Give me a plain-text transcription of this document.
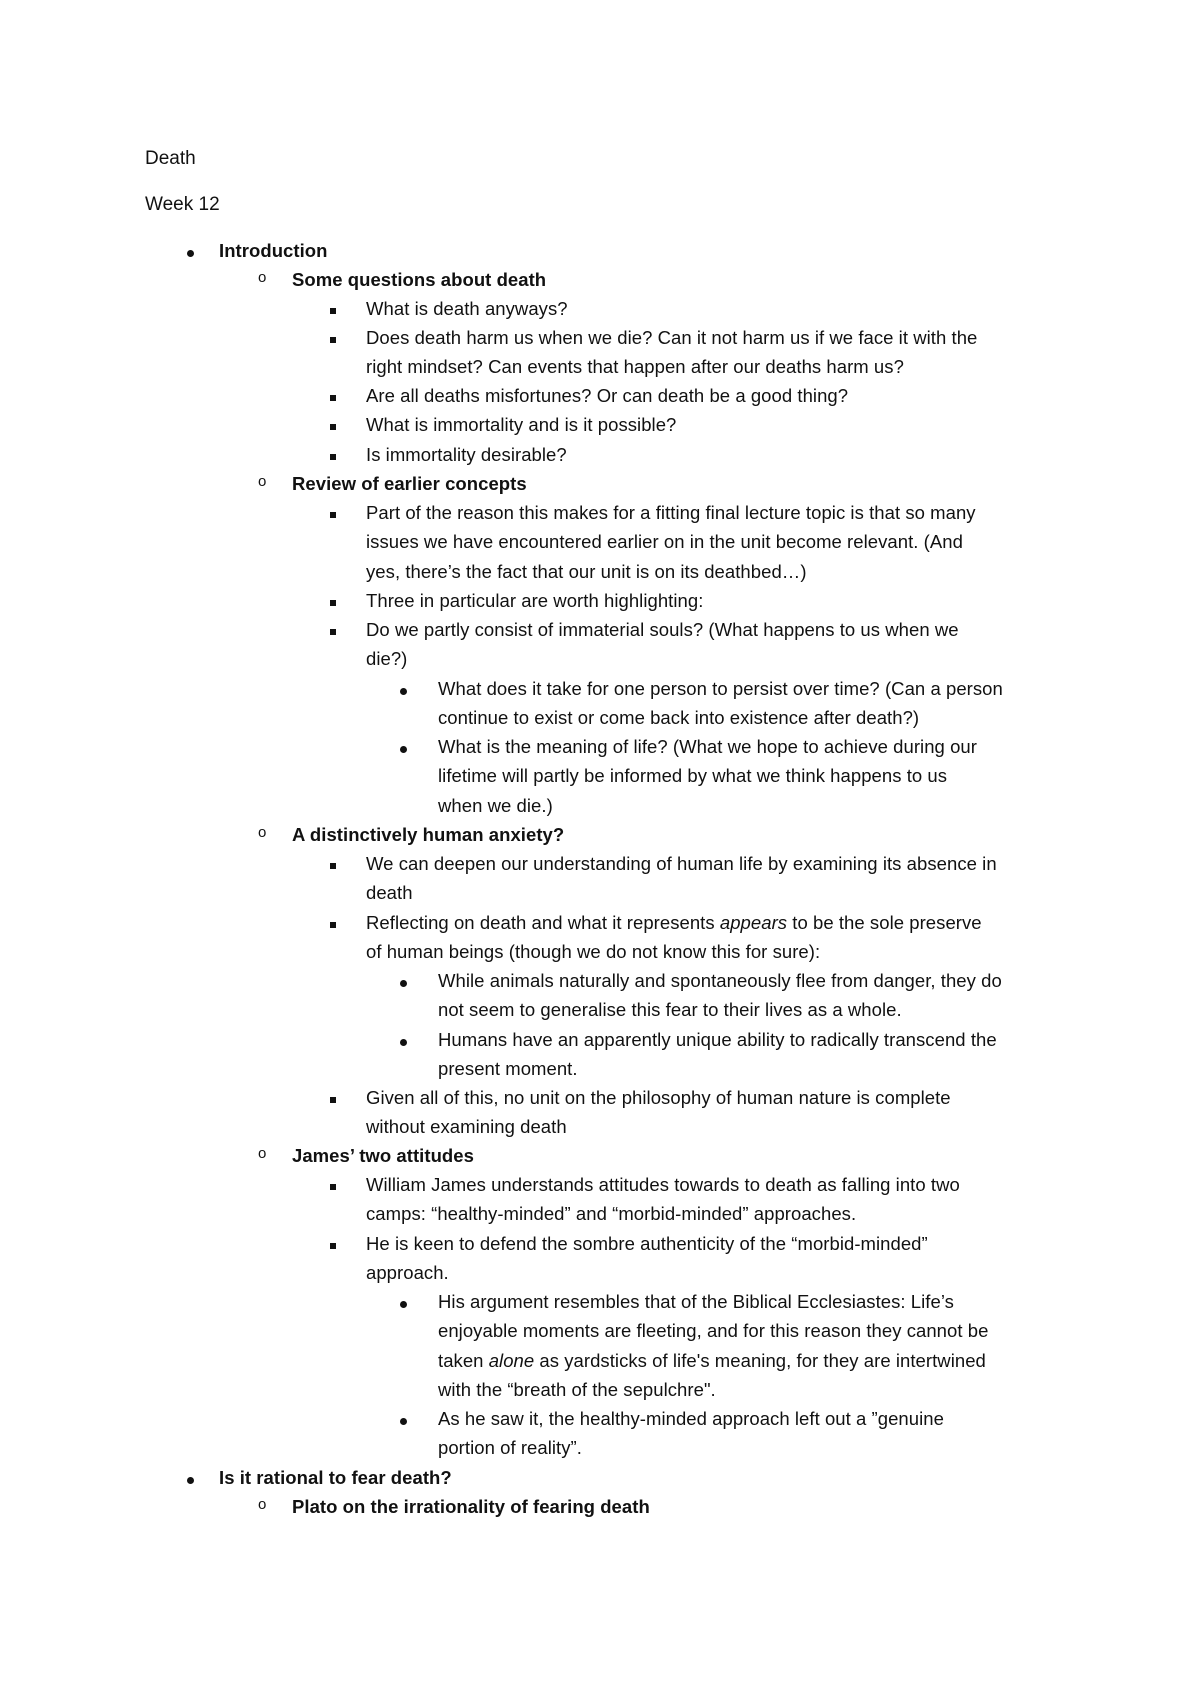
Death
Week 12
Introduction
o Some questions about death
What is death anyways?
Does death harm us when we die? Can it not harm us if we face it with the
right mindset? Can events that happen after our deaths harm us?
Are all deaths misfortunes? Or can death be a good thing?
What is immortality and is it possible?
Is immortality desirable?
o Review of earlier concepts
Part of the reason this makes for a fitting final lecture topic is that so many
issues we have encountered earlier on in the unit become relevant. (And
yes, there’s the fact that our unit is on its deathbed…)
Three in particular are worth highlighting:
Do we partly consist of immaterial souls? (What happens to us when we
die?)
What does it take for one person to persist over time? (Can a person
continue to exist or come back into existence after death?)
What is the meaning of life? (What we hope to achieve during our
lifetime will partly be informed by what we think happens to us
when we die.)
o A distinctively human anxiety?
We can deepen our understanding of human life by examining its absence in
death
Reflecting on death and what it represents appears to be the sole preserve
of human beings (though we do not know this for sure):
While animals naturally and spontaneously flee from danger, they do
not seem to generalise this fear to their lives as a whole.
Humans have an apparently unique ability to radically transcend the
present moment.
Given all of this, no unit on the philosophy of human nature is complete
without examining death
o James’ two attitudes
William James understands attitudes towards to death as falling into two
camps: “healthy-minded” and “morbid-minded” approaches.
He is keen to defend the sombre authenticity of the “morbid-minded”
approach.
His argument resembles that of the Biblical Ecclesiastes: Life’s
enjoyable moments are fleeting, and for this reason they cannot be
taken alone as yardsticks of life's meaning, for they are intertwined
with the “breath of the sepulchre".
As he saw it, the healthy-minded approach left out a ”genuine
portion of reality”.
Is it rational to fear death?
o Plato on the irrationality of fearing death
